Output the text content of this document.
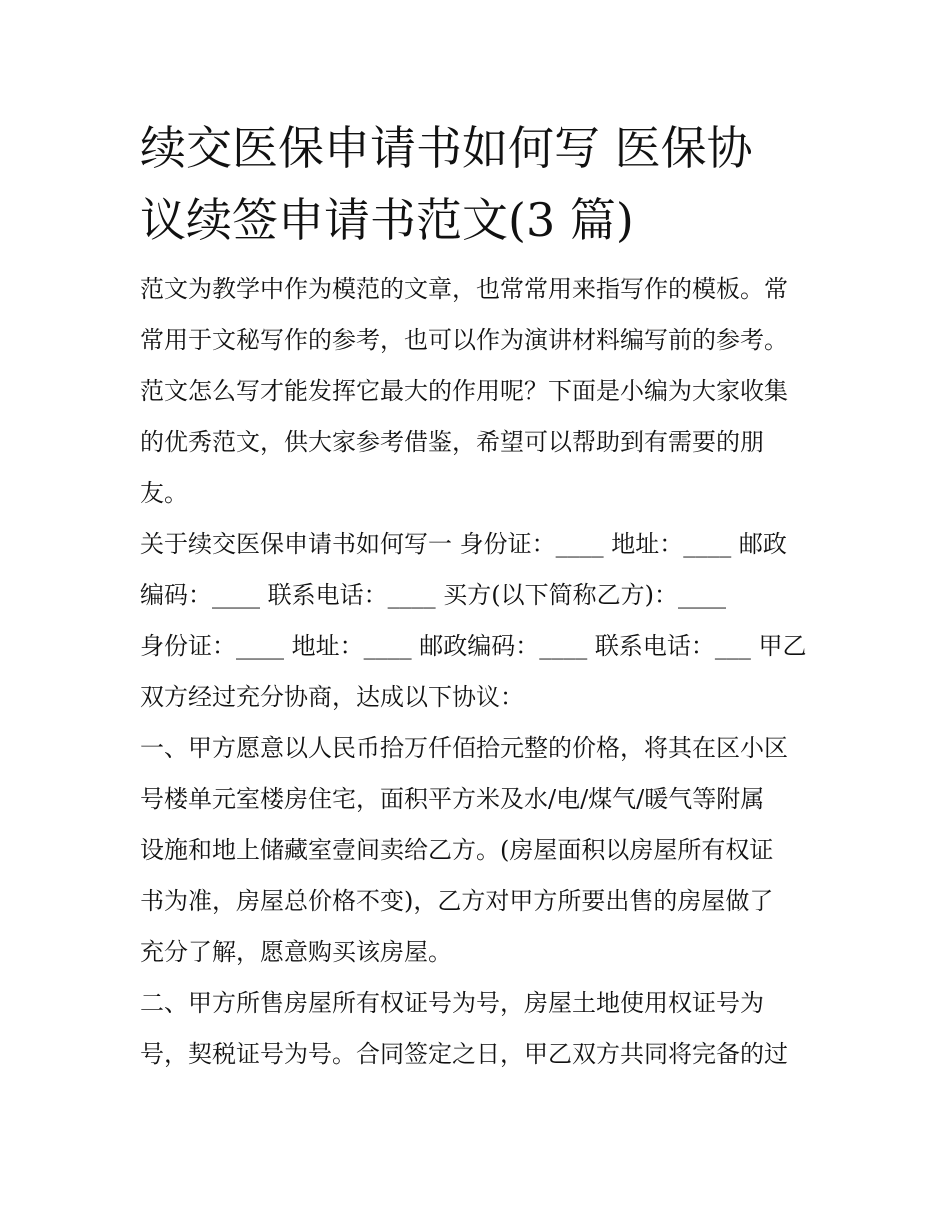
续交医保申请书如何写 医保协
议续签申请书范文(3 篇)

范文为教学中作为模范的文章，也常常用来指写作的模板。常
常用于文秘写作的参考，也可以作为演讲材料编写前的参考。
范文怎么写才能发挥它最大的作用呢？下面是小编为大家收集
的优秀范文，供大家参考借鉴，希望可以帮助到有需要的朋
友。

关于续交医保申请书如何写一 身份证：____ 地址：____ 邮政
编码：____ 联系电话：____ 买方(以下简称乙方)：____
身份证：____ 地址：____ 邮政编码：____ 联系电话：___ 甲乙
双方经过充分协商，达成以下协议：

一、甲方愿意以人民币拾万仟佰拾元整的价格，将其在区小区
号楼单元室楼房住宅，面积平方米及水/电/煤气/暖气等附属
设施和地上储藏室壹间卖给乙方。(房屋面积以房屋所有权证
书为准，房屋总价格不变)，乙方对甲方所要出售的房屋做了
充分了解，愿意购买该房屋。

二、甲方所售房屋所有权证号为号，房屋土地使用权证号为
号，契税证号为号。合同签定之日，甲乙双方共同将完备的过
